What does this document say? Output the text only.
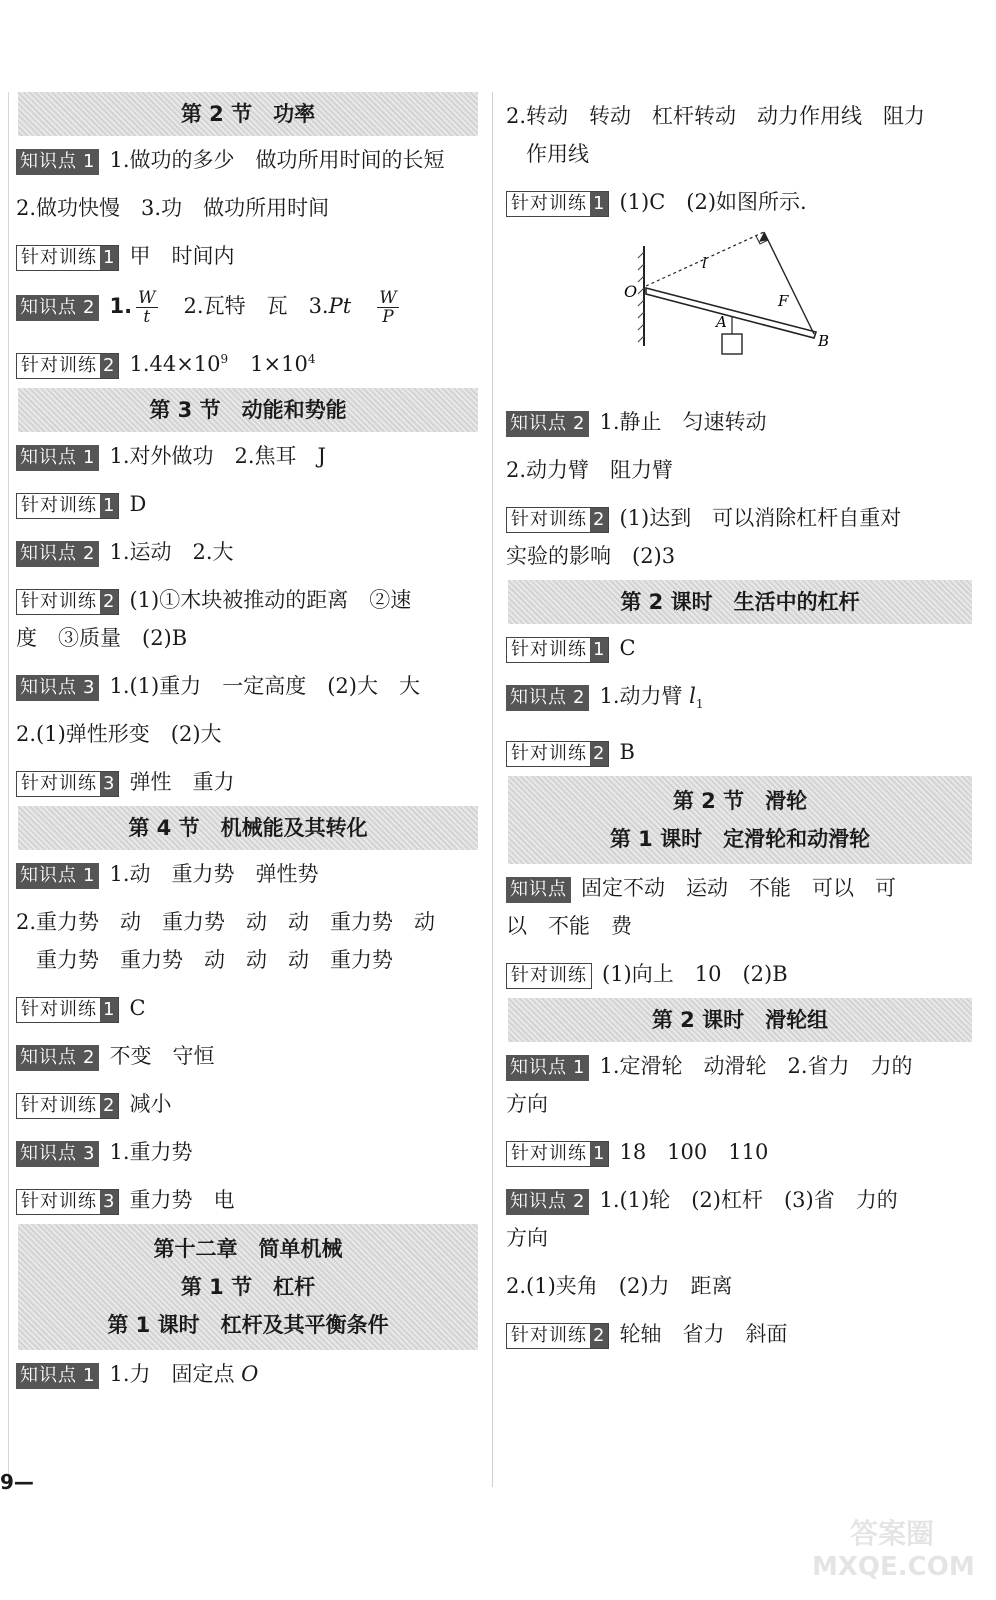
第 2 节　功率
知识点 1 1.做功的多少　做功所用时间的长短
2.做功快慢　3.功　做功所用时间
针对训练 1 甲　时间内
知识点 2 1. $\frac{W}{t} 2$.瓦特　瓦　$3.Pt \frac{W}{P}$
针对训练 2 $1.44\times 10^9$ $1\times 10^4$
第 3 节　动能和势能
知识点 1 1.对外做功　2.焦耳　J
针对训练 1 D
知识点 2 1.运动　2.大
针对训练 2 (1)①木块被推动的距离　②速
度　③质量　(2)B
知识点 3 1.(1)重力　一定高度　(2)大　大
2.(1)弹性形变　(2)大
针对训练 3 弹性　重力
第 4 节　机械能及其转化
知识点 1 1.动　重力势　弹性势
2.重力势　动　重力势　动　动　重力势　动
重力势　重力势　动　动　动　重力势
针对训练 1 C
知识点 2 不变　守恒
针对训练 2 减小
知识点 3 1.重力势
针对训练 3 重力势　电
第十二章　简单机械
第 1 节　杠杆
第 1 课时　杠杆及其平衡条件
知识点 1 1.力　固定点 O
2.转动　转动　杠杆转动　动力作用线　阻力
作用线
针对训练 1 (1)C　(2)如图所示.
O
A
B
F
l
知识点 2 1.静止　匀速转动
2.动力臂　阻力臂
针对训练 2 (1)达到　可以消除杠杆自重对
实验的影响　(2)3
第 2 课时　生活中的杠杆
针对训练 1 C
知识点 2 1.动力臂 $l_1$
针对训练 2 B
第 2 节　滑轮
第 1 课时　定滑轮和动滑轮
知识点 固定不动　运动　不能　可以　可
以　不能　费
针对训练 (1)向上　10　(2)B
第 2 课时　滑轮组
知识点 1 1.定滑轮　动滑轮　2.省力　力的
方向
针对训练 1 18　100　110
知识点 2 1.(1)轮　(2)杠杆　(3)省　力的
方向
2.(1)夹角　(2)力　距离
针对训练 2 轮轴　省力　斜面
9—
答案圈
MXQE.COM
